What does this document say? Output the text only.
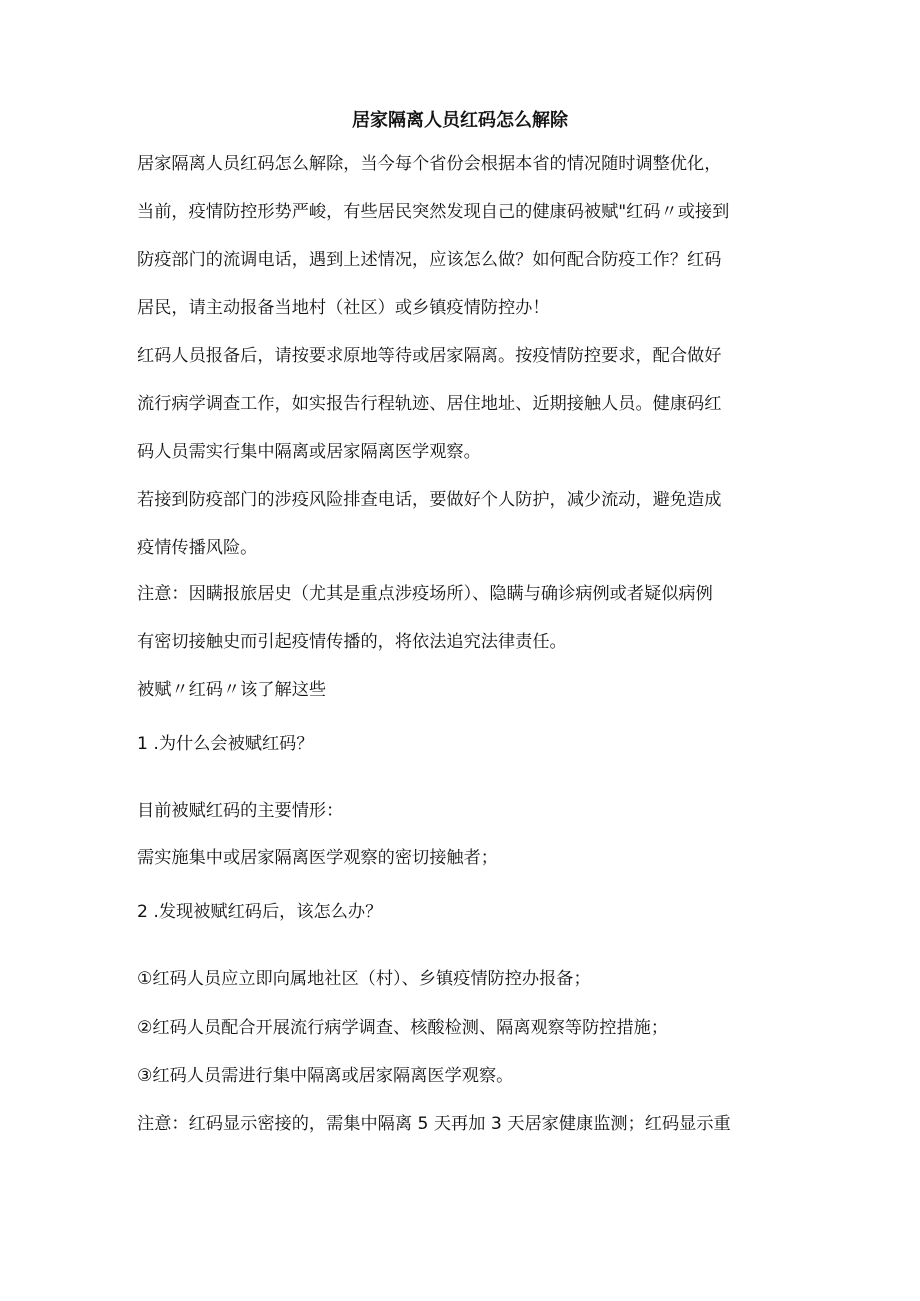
居家隔离人员红码怎么解除
居家隔离人员红码怎么解除，当今每个省份会根据本省的情况随时调整优化，
当前，疫情防控形势严峻，有些居民突然发现自己的健康码被赋"红码〃或接到
防疫部门的流调电话，遇到上述情况，应该怎么做？如何配合防疫工作？红码
居民，请主动报备当地村（社区）或乡镇疫情防控办！
红码人员报备后，请按要求原地等待或居家隔离。按疫情防控要求，配合做好
流行病学调查工作，如实报告行程轨迹、居住地址、近期接触人员。健康码红
码人员需实行集中隔离或居家隔离医学观察。
若接到防疫部门的涉疫风险排查电话，要做好个人防护，减少流动，避免造成
疫情传播风险。
注意：因瞒报旅居史（尤其是重点涉疫场所）、隐瞒与确诊病例或者疑似病例
有密切接触史而引起疫情传播的，将依法追究法律责任。
被赋〃红码〃该了解这些
1 .为什么会被赋红码？
目前被赋红码的主要情形：
需实施集中或居家隔离医学观察的密切接触者；
2 .发现被赋红码后，该怎么办？
①红码人员应立即向属地社区（村）、乡镇疫情防控办报备；
②红码人员配合开展流行病学调查、核酸检测、隔离观察等防控措施；
③红码人员需进行集中隔离或居家隔离医学观察。
注意：红码显示密接的，需集中隔离 5 天再加 3 天居家健康监测；红码显示重
